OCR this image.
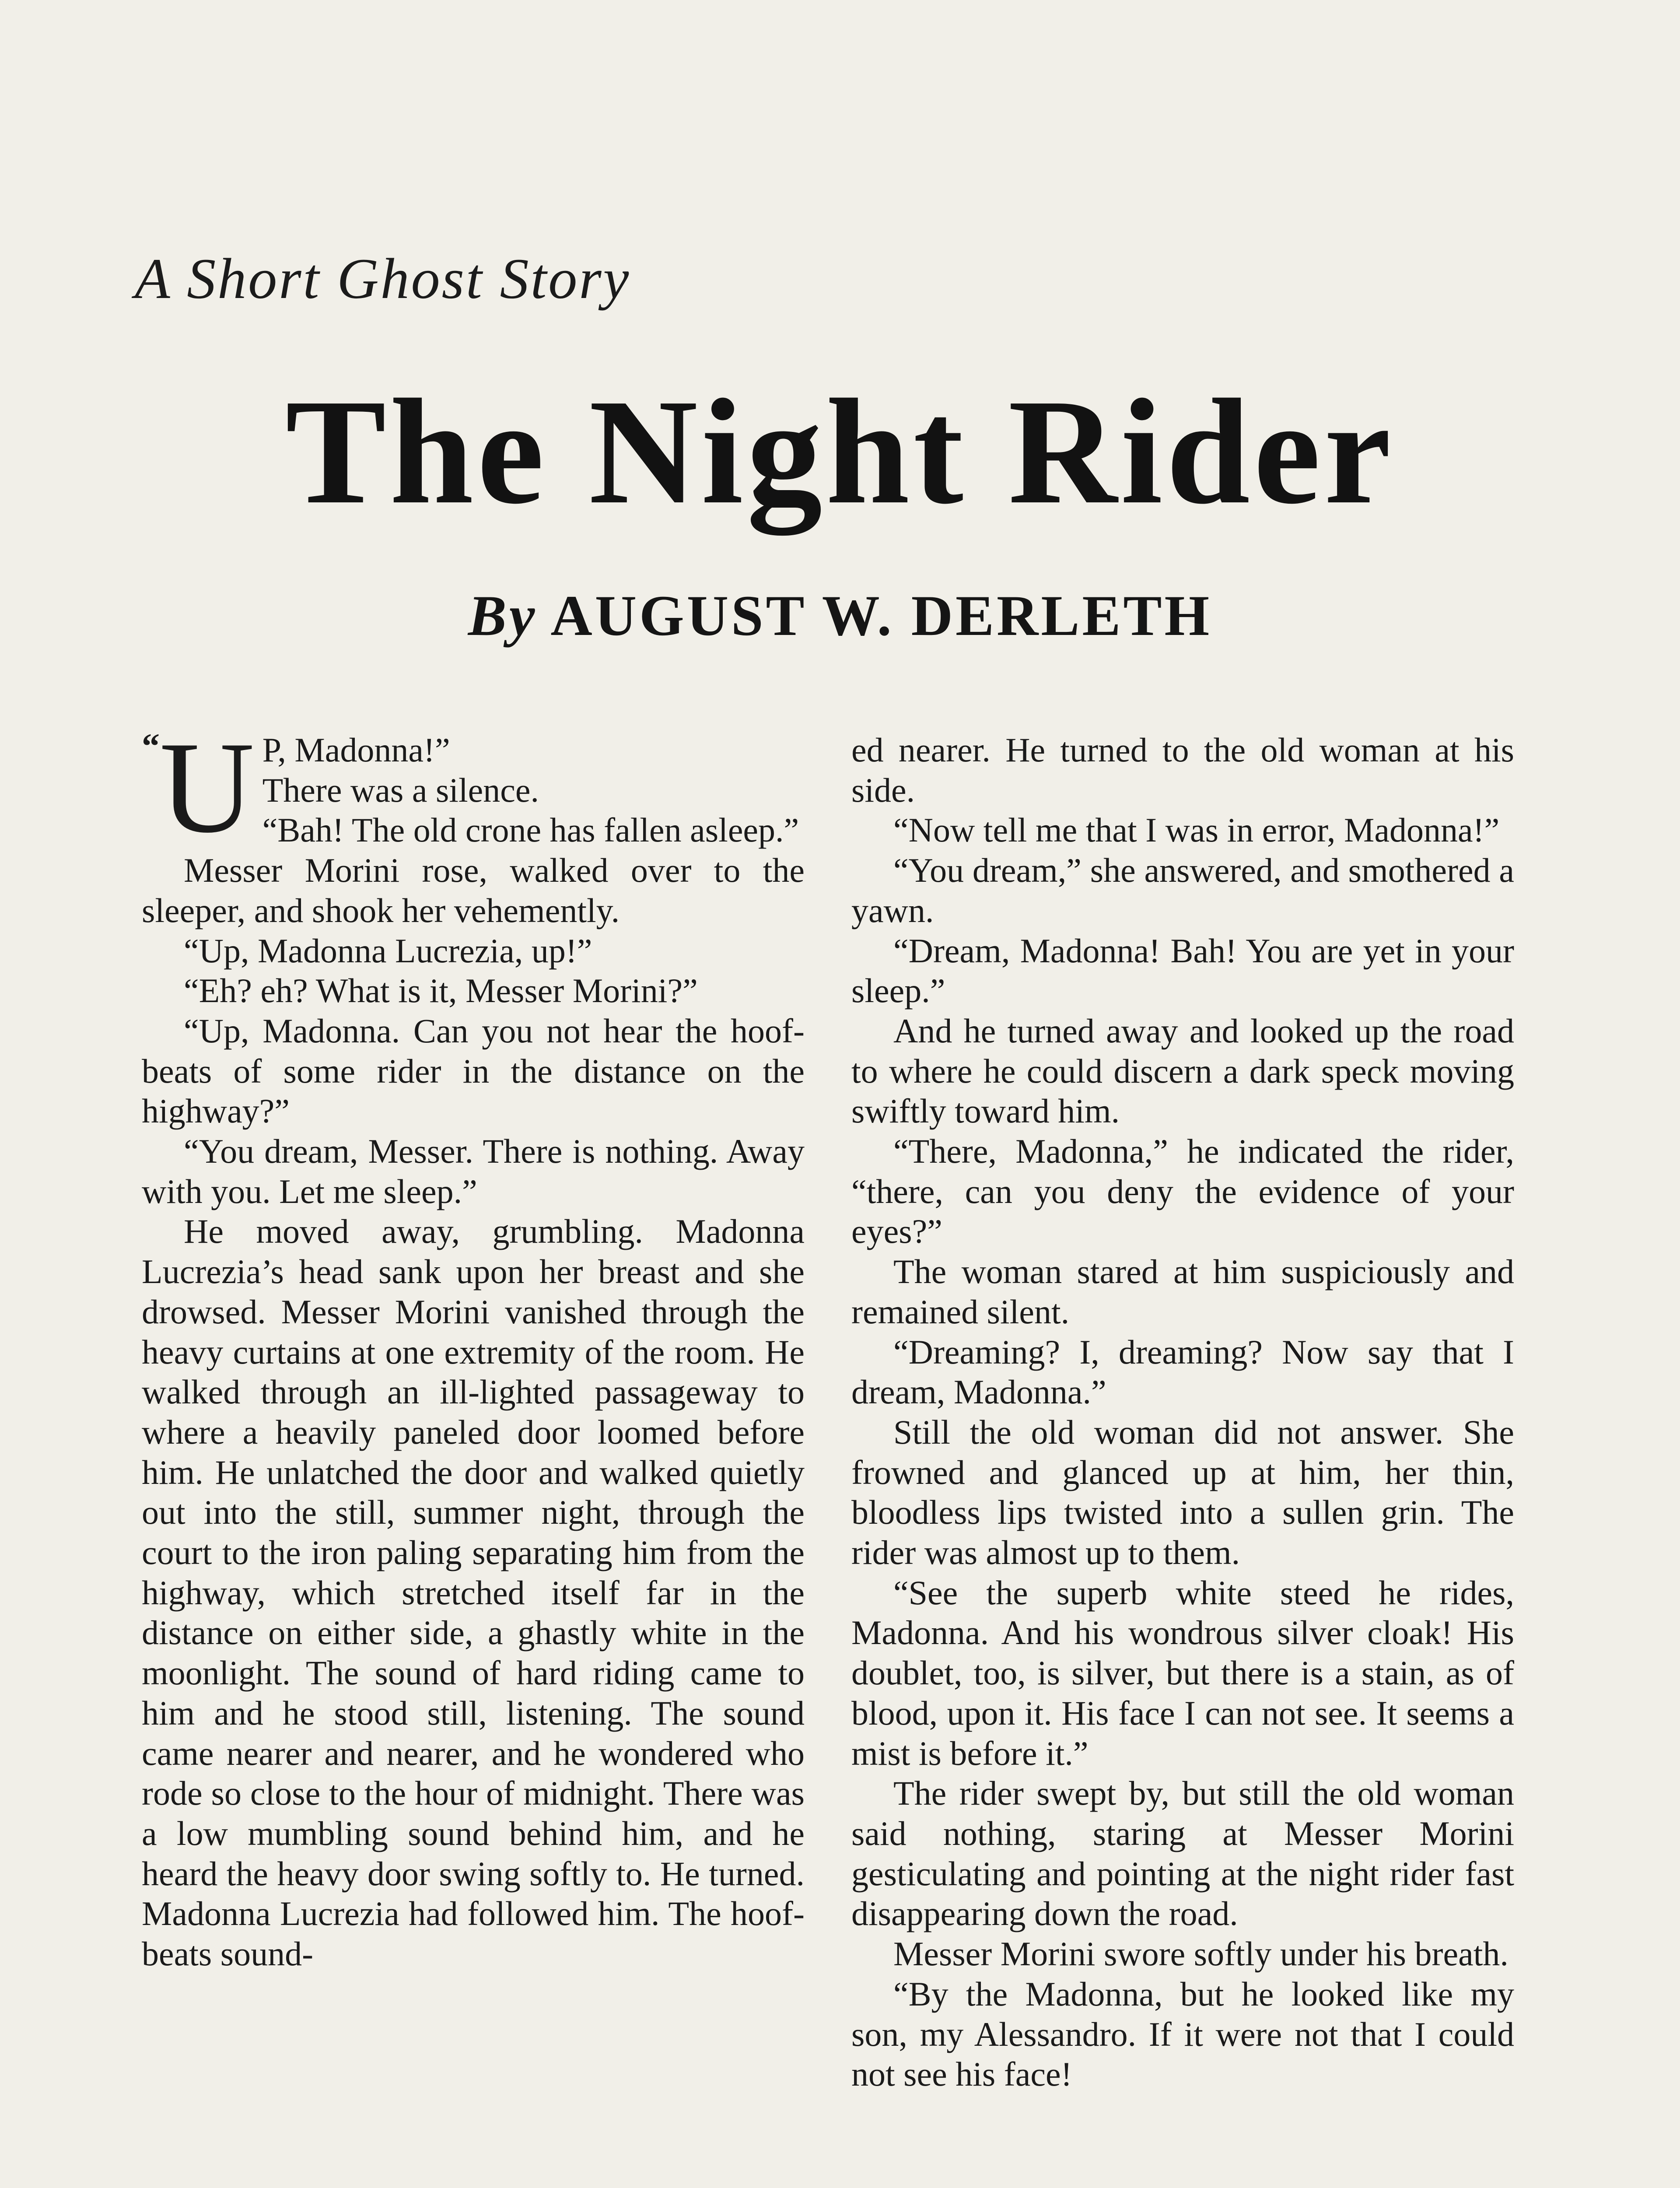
A Short Ghost Story
The Night Rider
By AUGUST W. DERLETH

“U P, Madonna!”
There was a silence.
“Bah! The old crone has fallen asleep.”

Messer Morini rose, walked over to the sleeper, and shook her vehemently.

“Up, Madonna Lucrezia, up!”

“Eh? eh? What is it, Messer Morini?”

“Up, Madonna. Can you not hear the hoof-beats of some rider in the distance on the highway?”

“You dream, Messer. There is nothing. Away with you. Let me sleep.”

He moved away, grumbling. Madonna Lucrezia’s head sank upon her breast and she drowsed. Messer Morini vanished through the heavy curtains at one extremity of the room. He walked through an ill-lighted passageway to where a heavily paneled door loomed before him. He unlatched the door and walked quietly out into the still, summer night, through the court to the iron paling separating him from the highway, which stretched itself far in the distance on either side, a ghastly white in the moonlight. The sound of hard riding came to him and he stood still, listening. The sound came nearer and nearer, and he wondered who rode so close to the hour of midnight. There was a low mumbling sound behind him, and he heard the heavy door swing softly to. He turned. Madonna Lucrezia had followed him. The hoof-beats sound-

ed nearer. He turned to the old woman at his side.

“Now tell me that I was in error, Madonna!”

“You dream,” she answered, and smothered a yawn.

“Dream, Madonna! Bah! You are yet in your sleep.”

And he turned away and looked up the road to where he could discern a dark speck moving swiftly toward him.

“There, Madonna,” he indicated the rider, “there, can you deny the evidence of your eyes?”

The woman stared at him suspiciously and remained silent.

“Dreaming? I, dreaming? Now say that I dream, Madonna.”

Still the old woman did not answer. She frowned and glanced up at him, her thin, bloodless lips twisted into a sullen grin. The rider was almost up to them.

“See the superb white steed he rides, Madonna. And his wondrous silver cloak! His doublet, too, is silver, but there is a stain, as of blood, upon it. His face I can not see. It seems a mist is before it.”

The rider swept by, but still the old woman said nothing, staring at Messer Morini gesticulating and pointing at the night rider fast disappearing down the road.

Messer Morini swore softly under his breath.

“By the Madonna, but he looked like my son, my Alessandro. If it were not that I could not see his face!
